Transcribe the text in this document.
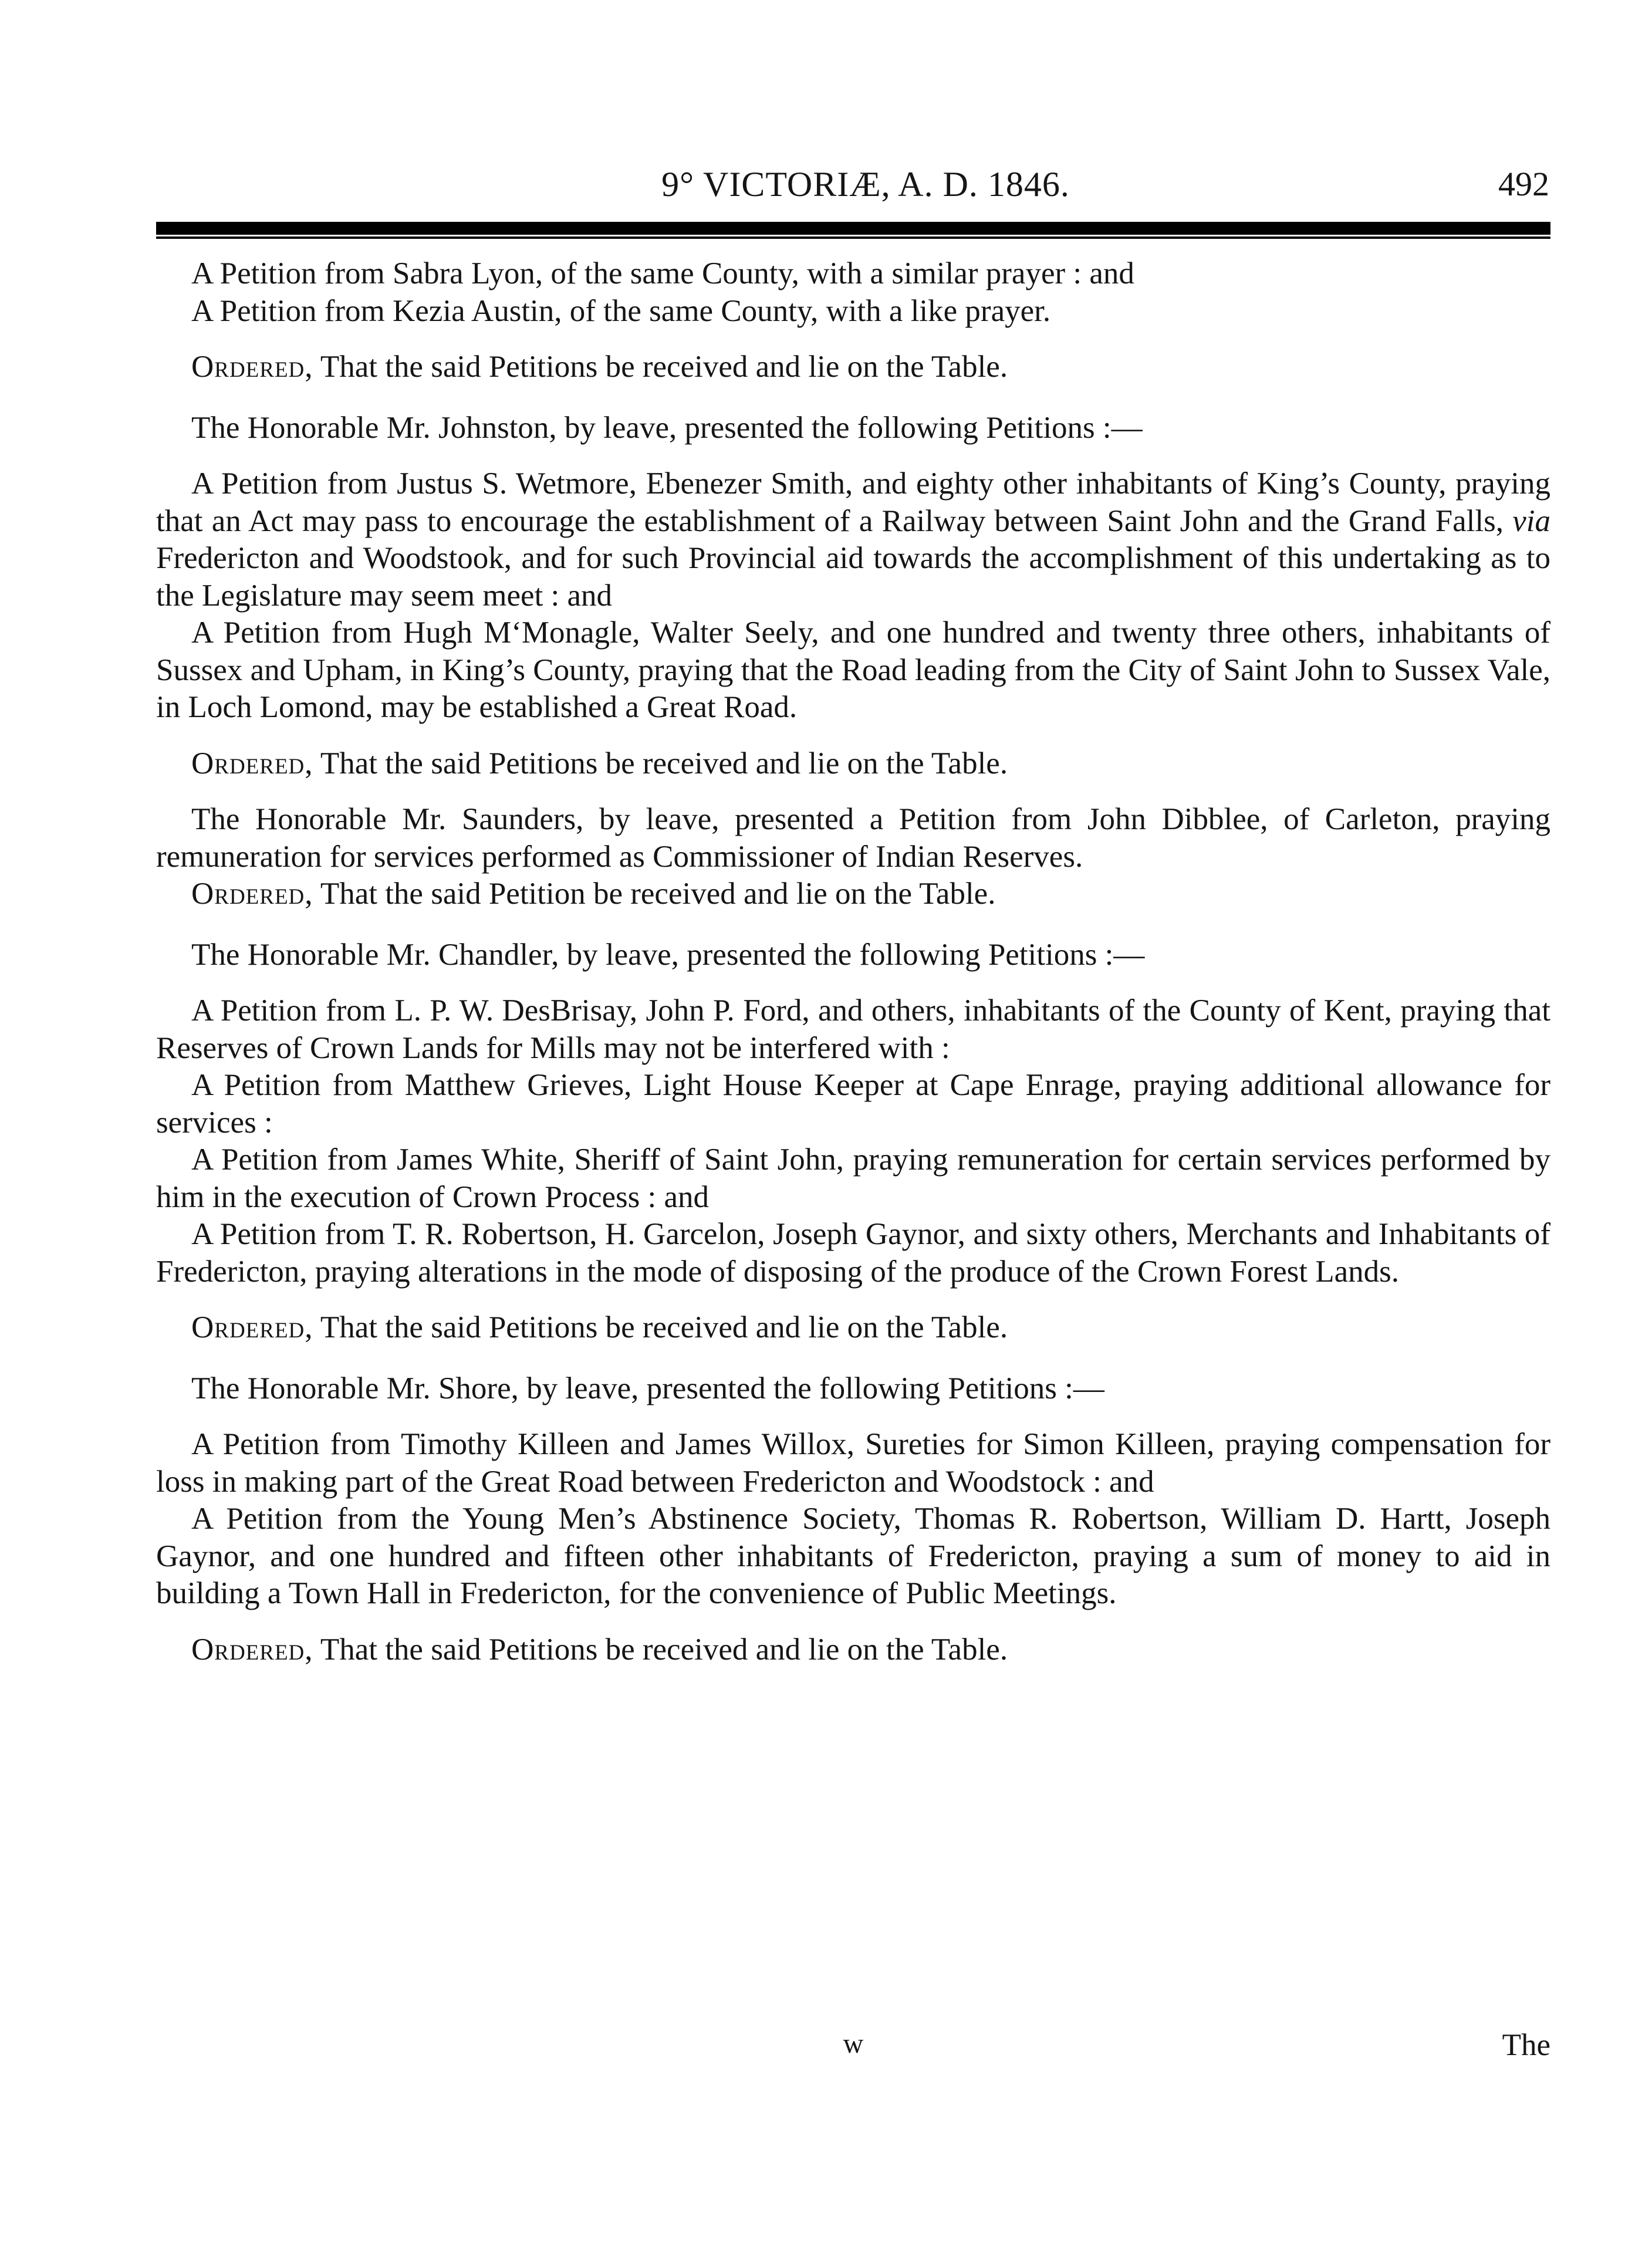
9° VICTORIÆ, A. D. 1846.	492

A Petition from Sabra Lyon, of the same County, with a similar prayer : and

A Petition from Kezia Austin, of the same County, with a like prayer.

Ordered, That the said Petitions be received and lie on the Table.

The Honorable Mr. Johnston, by leave, presented the following Petitions :—

A Petition from Justus S. Wetmore, Ebenezer Smith, and eighty other inhabitants of King’s County, praying that an Act may pass to encourage the establishment of a Railway between Saint John and the Grand Falls, via Fredericton and Woodstook, and for such Provincial aid towards the accomplishment of this undertaking as to the Legislature may seem meet : and

A Petition from Hugh M‘Monagle, Walter Seely, and one hundred and twenty three others, inhabitants of Sussex and Upham, in King’s County, praying that the Road leading from the City of Saint John to Sussex Vale, in Loch Lomond, may be established a Great Road.

Ordered, That the said Petitions be received and lie on the Table.

The Honorable Mr. Saunders, by leave, presented a Petition from John Dibblee, of Carleton, praying remuneration for services performed as Commissioner of Indian Reserves.

Ordered, That the said Petition be received and lie on the Table.

The Honorable Mr. Chandler, by leave, presented the following Petitions :—

A Petition from L. P. W. DesBrisay, John P. Ford, and others, inhabitants of the County of Kent, praying that Reserves of Crown Lands for Mills may not be interfered with :

A Petition from Matthew Grieves, Light House Keeper at Cape Enrage, praying additional allowance for services :

A Petition from James White, Sheriff of Saint John, praying remuneration for certain services performed by him in the execution of Crown Process : and

A Petition from T. R. Robertson, H. Garcelon, Joseph Gaynor, and sixty others, Merchants and Inhabitants of Fredericton, praying alterations in the mode of disposing of the produce of the Crown Forest Lands.

Ordered, That the said Petitions be received and lie on the Table.

The Honorable Mr. Shore, by leave, presented the following Petitions :—

A Petition from Timothy Killeen and James Willox, Sureties for Simon Killeen, praying compensation for loss in making part of the Great Road between Fredericton and Woodstock : and

A Petition from the Young Men’s Abstinence Society, Thomas R. Robertson, William D. Hartt, Joseph Gaynor, and one hundred and fifteen other inhabitants of Fredericton, praying a sum of money to aid in building a Town Hall in Fredericton, for the convenience of Public Meetings.

Ordered, That the said Petitions be received and lie on the Table.

w	The
